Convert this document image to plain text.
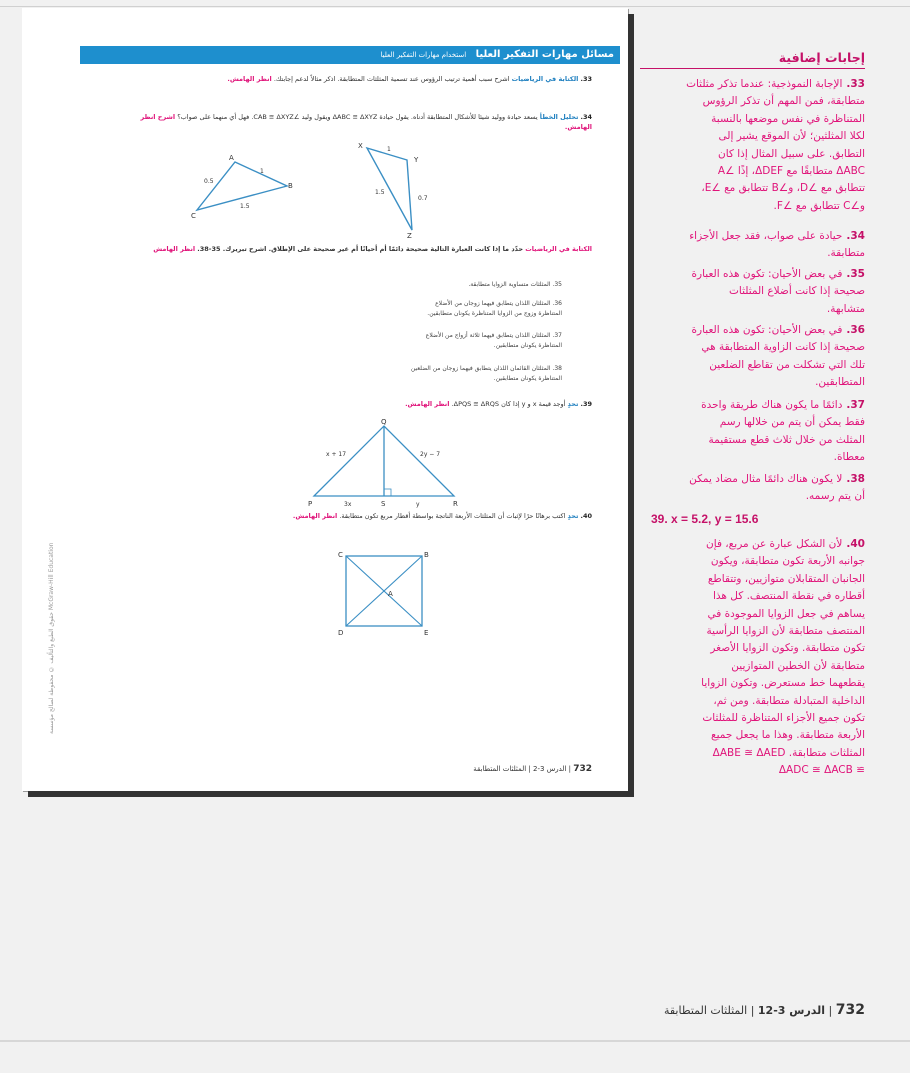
مسائل مهارات التفكير العليا استخدام مهارات التفكير العليا
33. الكتابة في الرياضيات اشرح سبب أهمية ترتيب الرؤوس عند تسمية المثلثات المتطابقة. اذكر مثالاً لدعم إجابتك. انظر الهامش.
34. تحليل الخطأ يسعد حيادة ووليد شيئا للأشكال المتطابقة أدناه. يقول حيادة ΔABC ≅ ΔXYZ ويقول وليد ∠CAB ≅ ΔXYZ. فهل أي منهما على صواب؟ اشرح انظر الهامش.
A
B
C
1
0.5
1.5
X
Y
Z
1
1.5
0.7
الكتابة في الرياضيات حدّد ما إذا كانت العبارة التالية صحيحة دائمًا أم أحيانًا أم غير صحيحة على الإطلاق. اشرح تبريرك. 35-38. انظر الهامش
35. المثلثات متساوية الزوايا متطابقة.
36. المثلثان اللذان يتطابق فيهما زوجان من الأضلاع
المتناظرة وزوج من الزوايا المتناظرة يكونان متطابقين.
37. المثلثان اللذان يتطابق فيهما ثلاثة أزواج من الأضلاع
المتناظرة يكونان متطابقين.
38. المثلثان القائمان اللذان يتطابق فيهما زوجان من الضلعين
المتناظرة يكونان متطابقين.
39. تحدٍ أوجد قيمة x و y إذا كان ΔPQS ≅ ΔRQS. انظر الهامش.
Q
P	S	R
x + 17	2y − 7
3x	y
40. تحدٍ اكتب برهانًا حرًا لإثبات أن المثلثات الأربعة الناتجة بواسطة أقطار مربع تكون متطابقة. انظر الهامش.
C	B
A
D	E
حقوق الطبع والتأليف © محفوظة لصالح مؤسسة McGraw-Hill Education
732 | الدرس 3-2 | المثلثات المتطابقة
إجابات إضافية
33.الإجابة النموذجية: عندما تذكر مثلثات
متطابقة، فمن المهم أن تذكر الرؤوس
المتناظرة في نفس موضعها بالنسبة
لكلا المثلثين؛ لأن الموقع يشير إلى
التطابق. على سبيل المثال إذا كان
ΔABC متطابقًا مع ΔDEF، إذًا ∠A
تتطابق مع ∠D، و∠B تتطابق مع ∠E،
و∠C تتطابق مع ∠F.
34.حيادة على صواب، فقد جعل الأجزاء
متطابقة.
35.في بعض الأحيان: تكون هذه العبارة
صحيحة إذا كانت أضلاع المثلثات
متشابهة.
36.في بعض الأحيان: تكون هذه العبارة
صحيحة إذا كانت الزاوية المتطابقة هي
تلك التي تشكلت من تقاطع الضلعين
المتطابقين.
37.دائمًا ما يكون هناك طريقة واحدة
فقط يمكن أن يتم من خلالها رسم
المثلث من خلال ثلاث قطع مستقيمة
معطاة.
38.لا يكون هناك دائمًا مثال مضاد يمكن
أن يتم رسمه.
39. x = 5.2, y = 15.6
40.لأن الشكل عبارة عن مربع، فإن
جوانبه الأربعة تكون متطابقة، ويكون
الجانبان المتقابلان متوازيين، وتتقاطع
أقطاره في نقطة المنتصف. كل هذا
يساهم في جعل الزوايا الموجودة في
المنتصف متطابقة لأن الزوايا الرأسية
تكون متطابقة. وتكون الزوايا الأصغر
متطابقة لأن الخطين المتوازيين
يقطعهما خط مستعرض. وتكون الزوايا
الداخلية المتبادلة متطابقة. ومن ثم،
تكون جميع الأجزاء المتناظرة للمثلثات
الأربعة متطابقة. وهذا ما يجعل جميع
المثلثات متطابقة. ΔABE ≅ ΔAED
≅ ΔADC ≅ ΔACB
732 | الدرس 3-12 | المثلثات المتطابقة
